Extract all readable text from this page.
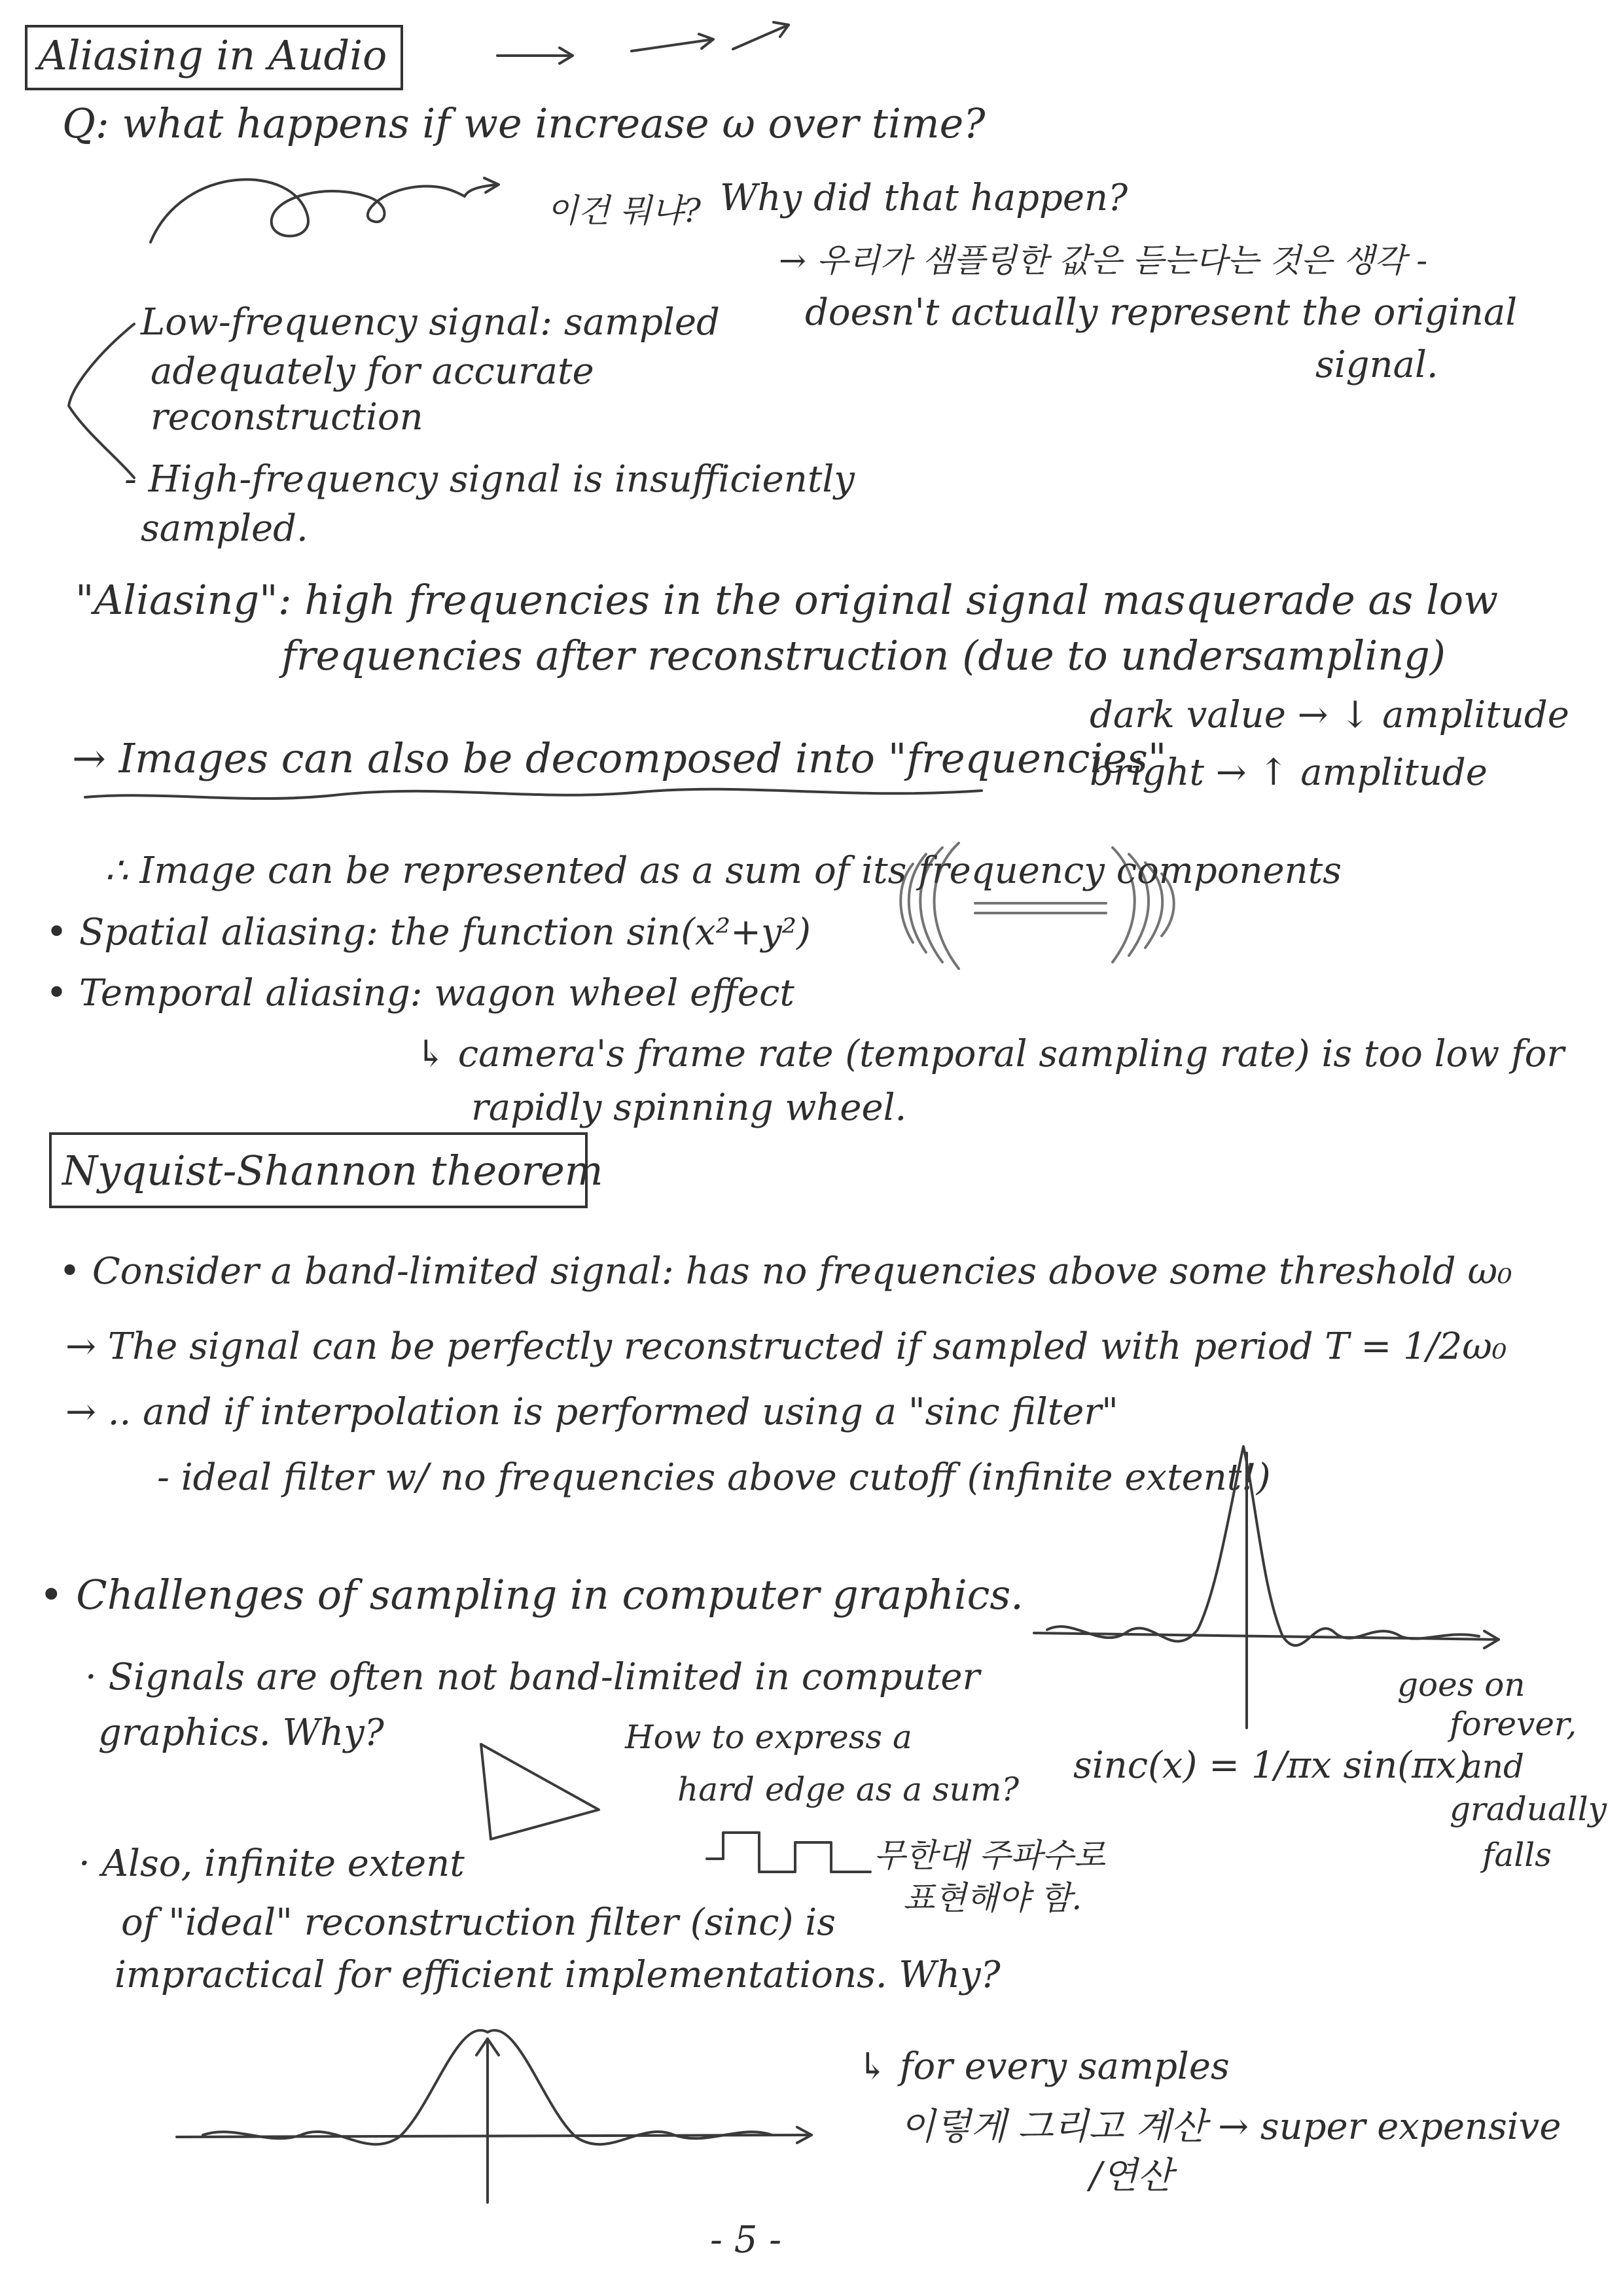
Aliasing in Audio
Q: what happens if we increase ω over time?
이건 뭐냐? Why did that happen?
→ 우리가 샘플링한 값은 듣는다는 것은 생각 -
doesn't actually represent the original
signal.
Low-frequency signal: sampled
adequately for accurate
reconstruction
- High-frequency signal is insufficiently
sampled.
"Aliasing": high frequencies in the original signal masquerade as low
frequencies after reconstruction (due to undersampling)
→ Images can also be decomposed into "frequencies"
dark value → ↓ amplitude
bright → ↑ amplitude
∴ Image can be represented as a sum of its frequency components
• Spatial aliasing: the function sin(x²+y²)
• Temporal aliasing: wagon wheel effect
↳ camera's frame rate (temporal sampling rate) is too low for
rapidly spinning wheel.
Nyquist-Shannon theorem
• Consider a band-limited signal: has no frequencies above some threshold ω₀
→ The signal can be perfectly reconstructed if sampled with period T = 1/2ω₀
→ .. and if interpolation is performed using a "sinc filter"
- ideal filter w/ no frequencies above cutoff (infinite extent!)
• Challenges of sampling in computer graphics.
· Signals are often not band-limited in computer
graphics. Why?	How to express a
hard edge as a sum?
무한대 주파수로
표현해야 함.
goes on
forever,
sinc(x) = 1/πx sin(πx)
and
gradually
falls
· Also, infinite extent
of "ideal" reconstruction filter (sinc) is
impractical for efficient implementations. Why?
↳ for every samples
이렇게 그리고 계산 → super expensive
/연산
- 5 -
